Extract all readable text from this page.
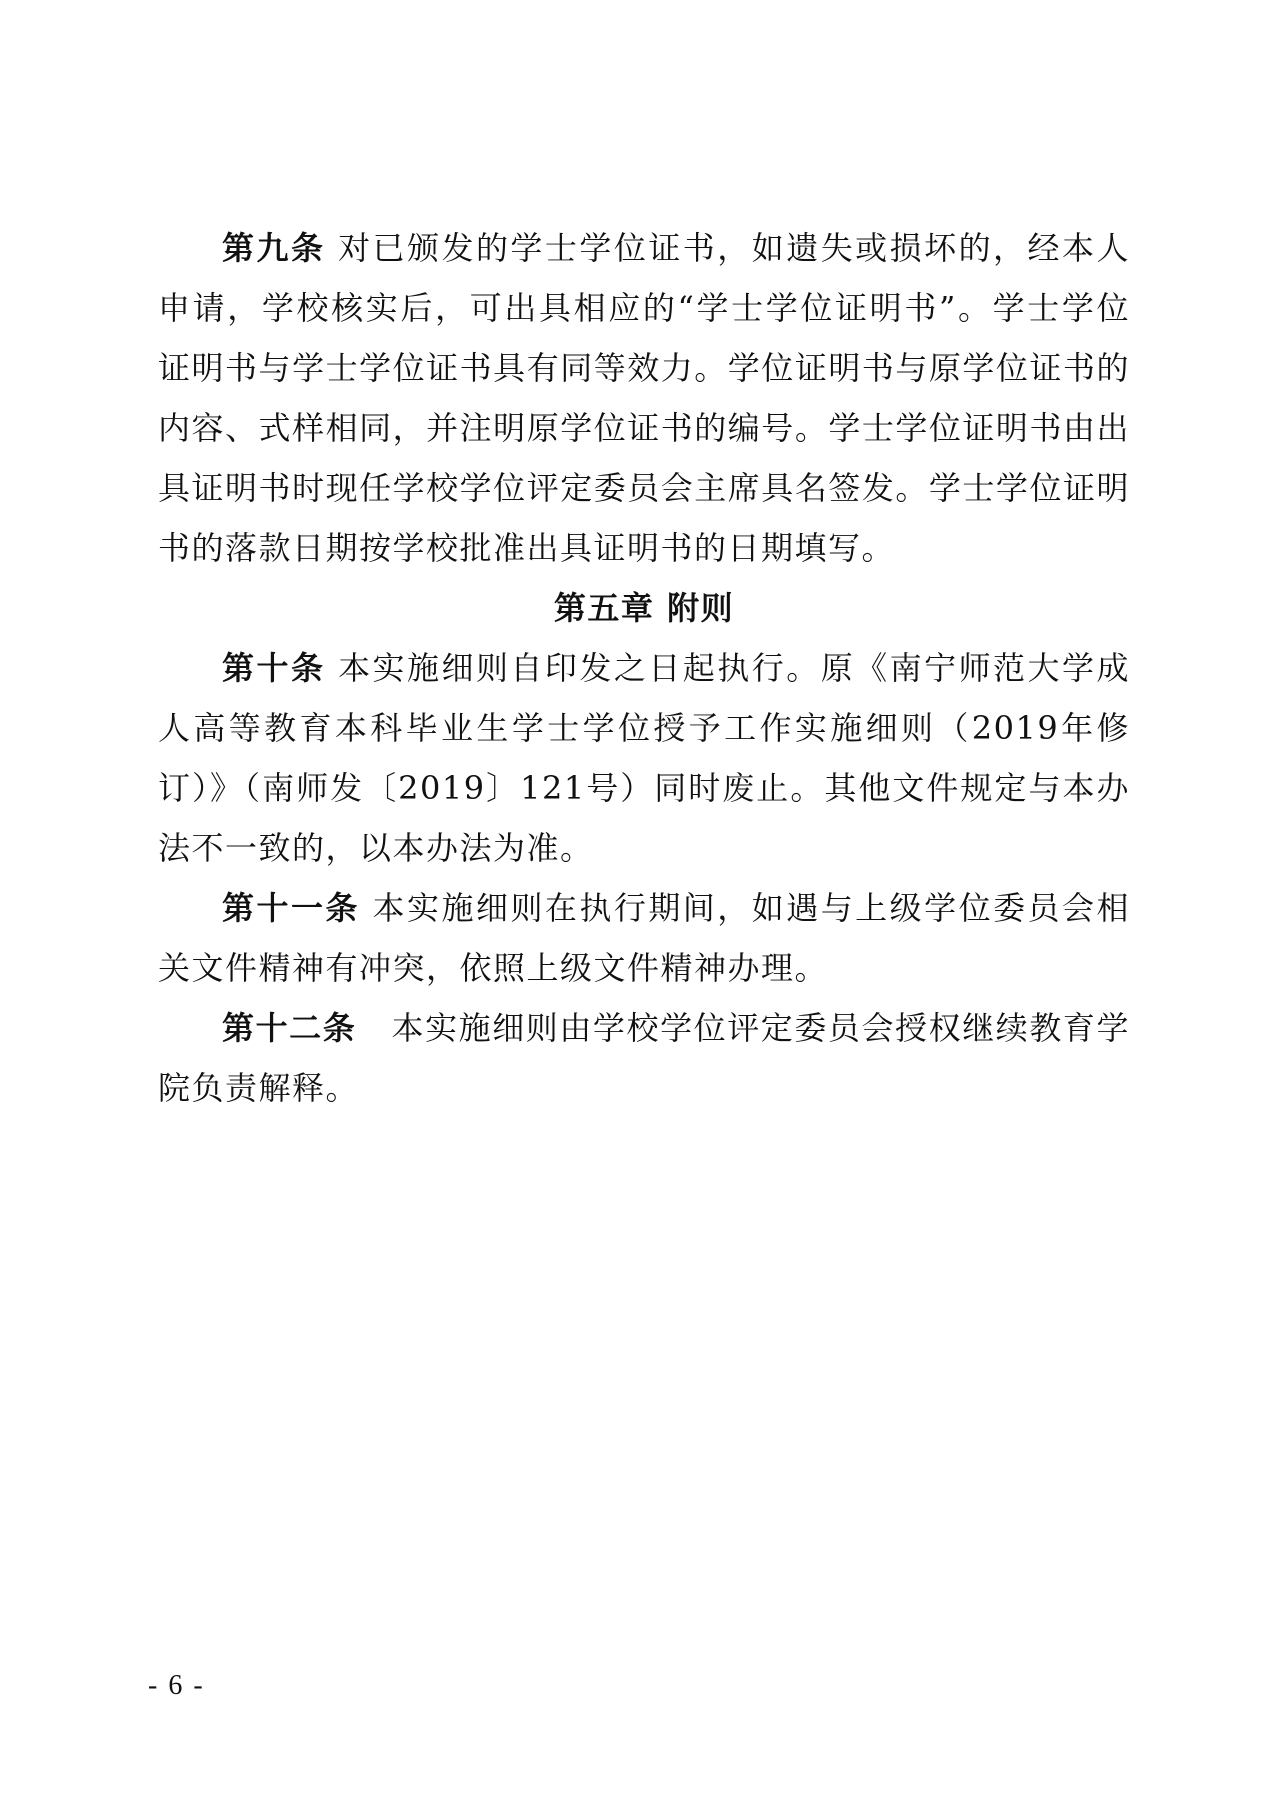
第九条 对已颁发的学士学位证书，如遗失或损坏的，经本人申请，学校核实后，可出具相应的“学士学位证明书”。学士学位证明书与学士学位证书具有同等效力。学位证明书与原学位证书的内容、式样相同，并注明原学位证书的编号。学士学位证明书由出具证明书时现任学校学位评定委员会主席具名签发。学士学位证明书的落款日期按学校批准出具证明书的日期填写。

第五章 附则

第十条 本实施细则自印发之日起执行。原《南宁师范大学成人高等教育本科毕业生学士学位授予工作实施细则（2019年修订）》（南师发〔2019〕121号）同时废止。其他文件规定与本办法不一致的，以本办法为准。

第十一条 本实施细则在执行期间，如遇与上级学位委员会相关文件精神有冲突，依照上级文件精神办理。

第十二条   本实施细则由学校学位评定委员会授权继续教育学院负责解释。

- 6 -
